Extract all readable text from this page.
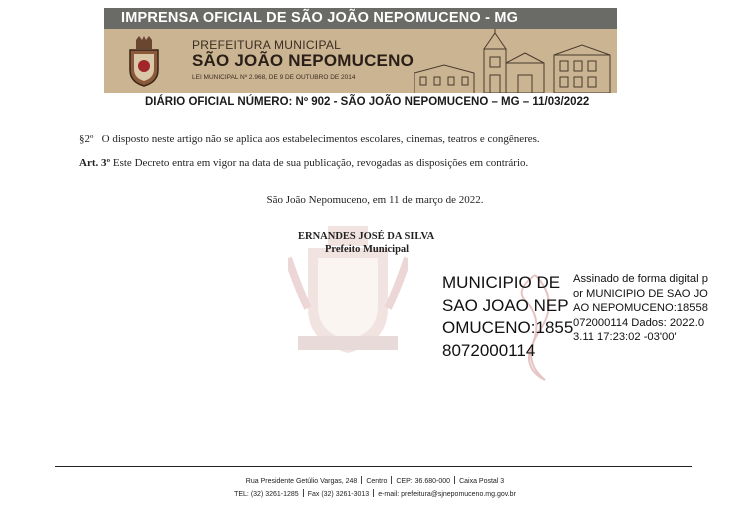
IMPRENSA OFICIAL DE SÃO JOÃO NEPOMUCENO - MG
PREFEITURA MUNICIPAL
SÃO JOÃO NEPOMUCENO
LEI MUNICIPAL Nº 2.968, DE 9 DE OUTUBRO DE 2014
DIÁRIO OFICIAL NÚMERO: Nº 902 - SÃO JOÃO NEPOMUCENO – MG – 11/03/2022
§2º O disposto neste artigo não se aplica aos estabelecimentos escolares, cinemas, teatros e congêneres.
Art. 3º Este Decreto entra em vigor na data de sua publicação, revogadas as disposições em contrário.
São João Nepomuceno, em 11 de março de 2022.
ERNANDES JOSÉ DA SILVA
Prefeito Municipal
MUNICIPIO DE SAO JOAO NEPOMUCENO:18558072000114
Assinado de forma digital por MUNICIPIO DE SAO JOAO NEPOMUCENO:18558072000114 Dados: 2022.03.11 17:23:02 -03'00'
Rua Presidente Getúlio Vargas, 248 Centro CEP: 36.680-000 Caixa Postal 3
TEL: (32) 3261-1285 Fax (32) 3261-3013 e-mail: prefeitura@sjnepomuceno.mg.gov.br
